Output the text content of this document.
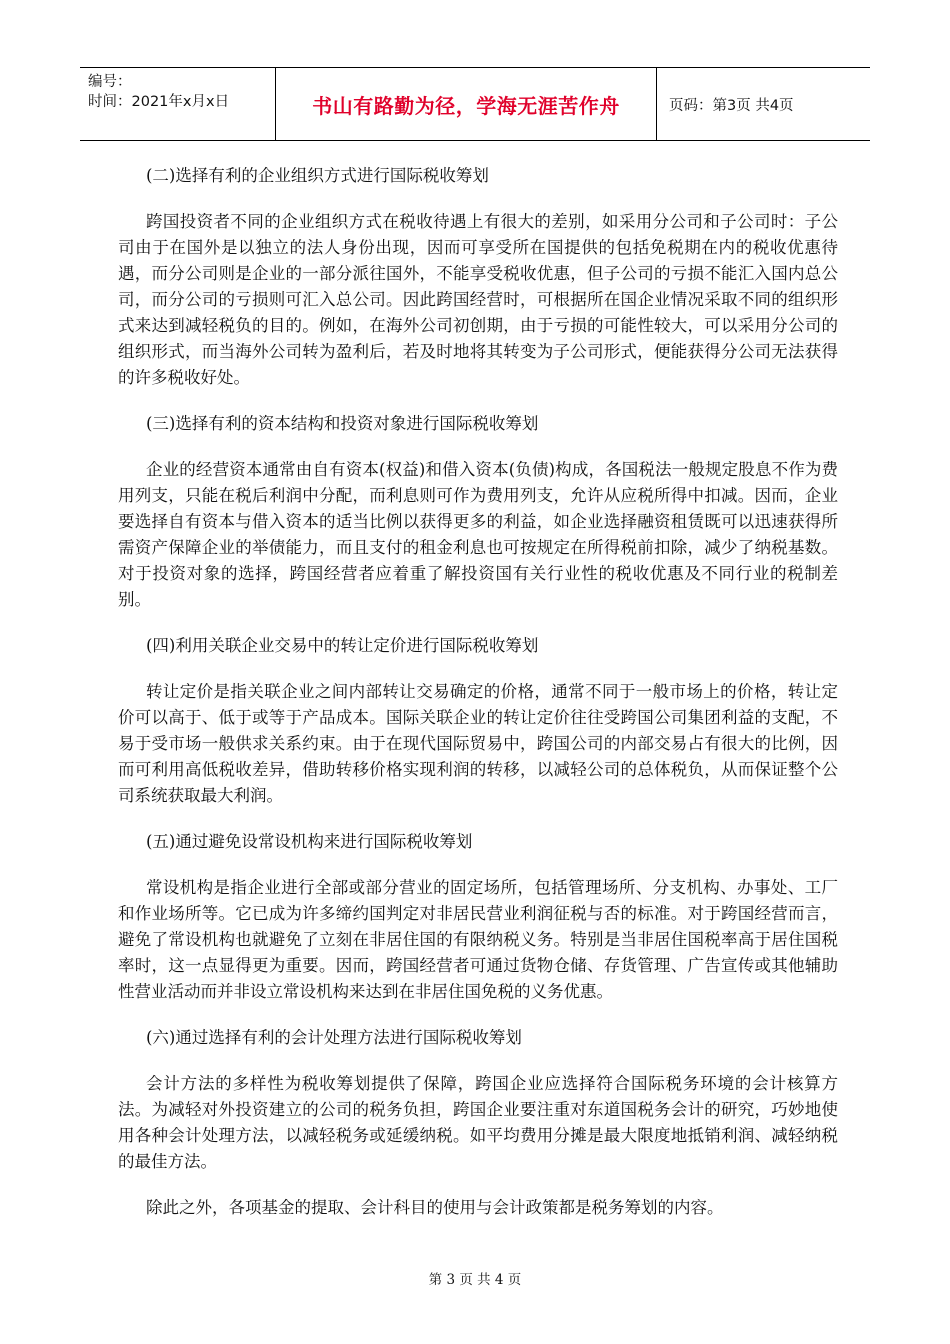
编号：
时间：2021年x月x日	书山有路勤为径，学海无涯苦作舟	页码：第3页 共4页

(二)选择有利的企业组织方式进行国际税收筹划

跨国投资者不同的企业组织方式在税收待遇上有很大的差别，如采用分公司和子公司时：子公司由于在国外是以独立的法人身份出现，因而可享受所在国提供的包括免税期在内的税收优惠待遇，而分公司则是企业的一部分派往国外，不能享受税收优惠，但子公司的亏损不能汇入国内总公司，而分公司的亏损则可汇入总公司。因此跨国经营时，可根据所在国企业情况采取不同的组织形式来达到减轻税负的目的。例如，在海外公司初创期，由于亏损的可能性较大，可以采用分公司的组织形式，而当海外公司转为盈利后，若及时地将其转变为子公司形式，便能获得分公司无法获得的许多税收好处。

(三)选择有利的资本结构和投资对象进行国际税收筹划

企业的经营资本通常由自有资本(权益)和借入资本(负债)构成，各国税法一般规定股息不作为费用列支，只能在税后利润中分配，而利息则可作为费用列支，允许从应税所得中扣减。因而，企业要选择自有资本与借入资本的适当比例以获得更多的利益，如企业选择融资租赁既可以迅速获得所需资产保障企业的举债能力，而且支付的租金利息也可按规定在所得税前扣除，减少了纳税基数。对于投资对象的选择，跨国经营者应着重了解投资国有关行业性的税收优惠及不同行业的税制差别。

(四)利用关联企业交易中的转让定价进行国际税收筹划

转让定价是指关联企业之间内部转让交易确定的价格，通常不同于一般市场上的价格，转让定价可以高于、低于或等于产品成本。国际关联企业的转让定价往往受跨国公司集团利益的支配，不易于受市场一般供求关系约束。由于在现代国际贸易中，跨国公司的内部交易占有很大的比例，因而可利用高低税收差异，借助转移价格实现利润的转移，以减轻公司的总体税负，从而保证整个公司系统获取最大利润。

(五)通过避免设常设机构来进行国际税收筹划

常设机构是指企业进行全部或部分营业的固定场所，包括管理场所、分支机构、办事处、工厂和作业场所等。它已成为许多缔约国判定对非居民营业利润征税与否的标准。对于跨国经营而言，避免了常设机构也就避免了立刻在非居住国的有限纳税义务。特别是当非居住国税率高于居住国税率时，这一点显得更为重要。因而，跨国经营者可通过货物仓储、存货管理、广告宣传或其他辅助性营业活动而并非设立常设机构来达到在非居住国免税的义务优惠。

(六)通过选择有利的会计处理方法进行国际税收筹划

会计方法的多样性为税收筹划提供了保障，跨国企业应选择符合国际税务环境的会计核算方法。为减轻对外投资建立的公司的税务负担，跨国企业要注重对东道国税务会计的研究，巧妙地使用各种会计处理方法，以减轻税务或延缓纳税。如平均费用分摊是最大限度地抵销利润、减轻纳税的最佳方法。

除此之外，各项基金的提取、会计科目的使用与会计政策都是税务筹划的内容。

第 3 页 共 4 页
